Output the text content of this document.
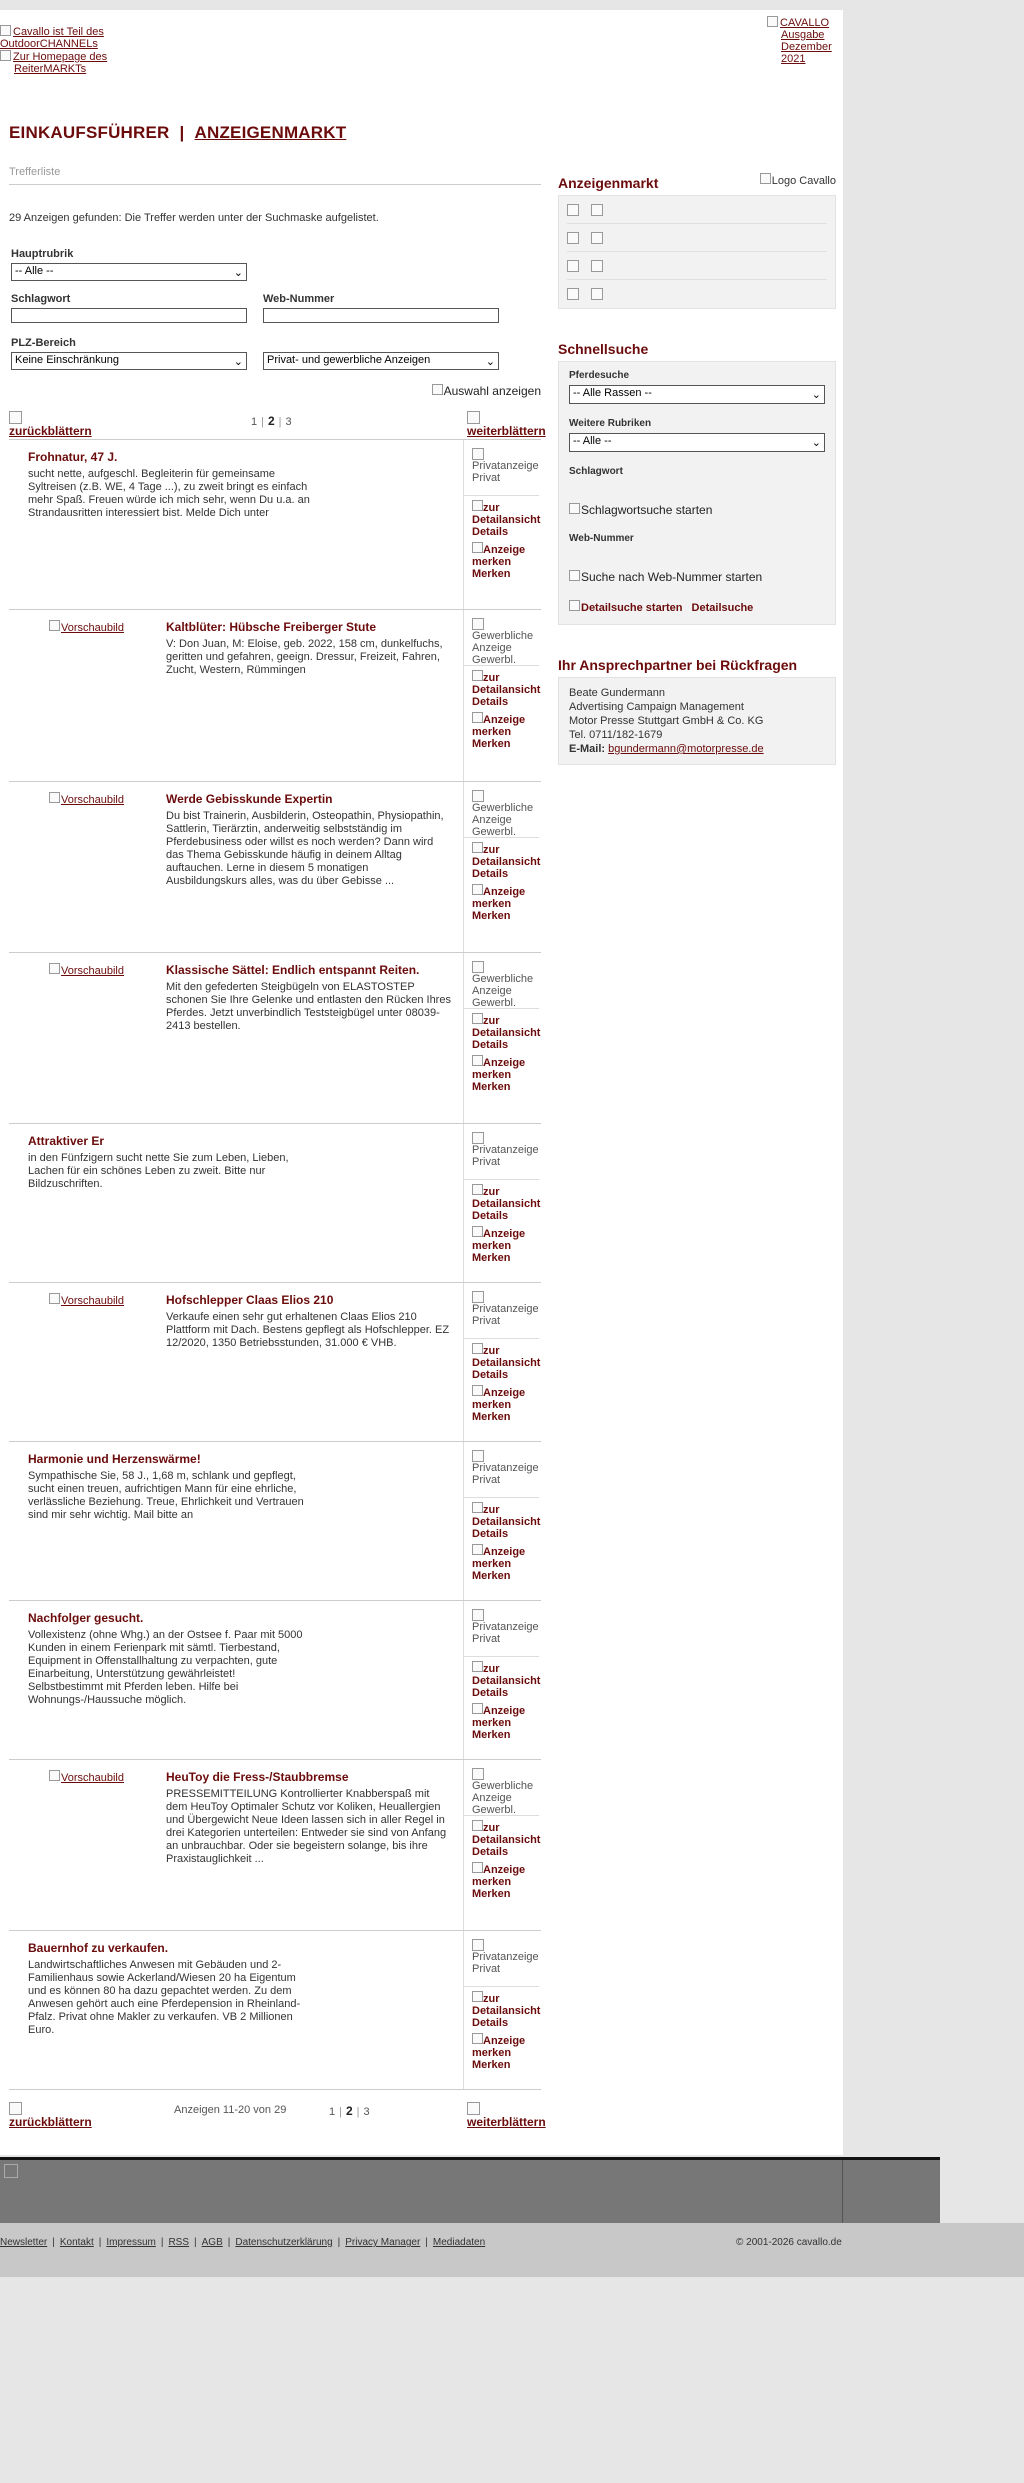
Cavallo ist Teil des OutdoorCHANNELs
Zur Homepage des ReiterMARKTs
CAVALLO Ausgabe Dezember 2021
EINKAUFSFÜHRER | ANZEIGENMARKT
Trefferliste
29 Anzeigen gefunden: Die Treffer werden unter der Suchmaske aufgelistet.
Hauptrubrik
-- Alle --	⌄
Schlagwort	Web-Nummer
PLZ-Bereich
Keine Einschränkung	⌄	Privat- und gewerbliche Anzeigen	⌄
Auswahl anzeigen
zurückblättern
1 | 2 | 3
weiterblättern
Frohnatur, 47 J.
sucht nette, aufgeschl. Begleiterin für gemeinsame Syltreisen (z.B. WE, 4 Tage ...), zu zweit bringt es einfach mehr Spaß. Freuen würde ich mich sehr, wenn Du u.a. an Strandausritten interessiert bist. Melde Dich unter
Privatanzeige Privat
zur Detailansicht
Details
Anzeige merken
Merken
Vorschaubild	Kaltblüter: Hübsche Freiberger Stute
V: Don Juan, M: Eloise, geb. 2022, 158 cm, dunkelfuchs, geritten und gefahren, geeign. Dressur, Freizeit, Fahren, Zucht, Western, Rümmingen
Gewerbliche Anzeige Gewerbl.
zur Detailansicht
Details
Anzeige merken
Merken
Vorschaubild	Werde Gebisskunde Expertin
Du bist Trainerin, Ausbilderin, Osteopathin, Physiopathin, Sattlerin, Tierärztin, anderweitig selbstständig im Pferdebusiness oder willst es noch werden? Dann wird das Thema Gebisskunde häufig in deinem Alltag auftauchen. Lerne in diesem 5 monatigen Ausbildungskurs alles, was du über Gebisse ...
Gewerbliche Anzeige Gewerbl.
zur Detailansicht
Details
Anzeige merken
Merken
Vorschaubild	Klassische Sättel: Endlich entspannt Reiten.
Mit den gefederten Steigbügeln von ELASTOSTEP schonen Sie Ihre Gelenke und entlasten den Rücken Ihres Pferdes. Jetzt unverbindlich Teststeigbügel unter 08039-2413 bestellen.
Gewerbliche Anzeige Gewerbl.
zur Detailansicht
Details
Anzeige merken
Merken
Attraktiver Er
in den Fünfzigern sucht nette Sie zum Leben, Lieben, Lachen für ein schönes Leben zu zweit. Bitte nur Bildzuschriften.
Privatanzeige Privat
zur Detailansicht
Details
Anzeige merken
Merken
Vorschaubild	Hofschlepper Claas Elios 210
Verkaufe einen sehr gut erhaltenen Claas Elios 210 Plattform mit Dach. Bestens gepflegt als Hofschlepper. EZ 12/2020, 1350 Betriebsstunden, 31.000 € VHB.
Privatanzeige Privat
zur Detailansicht
Details
Anzeige merken
Merken
Harmonie und Herzenswärme!
Sympathische Sie, 58 J., 1,68 m, schlank und gepflegt, sucht einen treuen, aufrichtigen Mann für eine ehrliche, verlässliche Beziehung. Treue, Ehrlichkeit und Vertrauen sind mir sehr wichtig. Mail bitte an
Privatanzeige Privat
zur Detailansicht
Details
Anzeige merken
Merken
Nachfolger gesucht.
Vollexistenz (ohne Whg.) an der Ostsee f. Paar mit 5000 Kunden in einem Ferienpark mit sämtl. Tierbestand, Equipment in Offenstallhaltung zu verpachten, gute Einarbeitung, Unterstützung gewährleistet! Selbstbestimmt mit Pferden leben. Hilfe bei Wohnungs-/Haussuche möglich.
Privatanzeige Privat
zur Detailansicht
Details
Anzeige merken
Merken
Vorschaubild	HeuToy die Fress-/Staubbremse
PRESSEMITTEILUNG Kontrollierter Knabberspaß mit dem HeuToy Optimaler Schutz vor Koliken, Heuallergien und Übergewicht Neue Ideen lassen sich in aller Regel in drei Kategorien unterteilen: Entweder sie sind von Anfang an unbrauchbar. Oder sie begeistern solange, bis ihre Praxistauglichkeit ...
Gewerbliche Anzeige Gewerbl.
zur Detailansicht
Details
Anzeige merken
Merken
Bauernhof zu verkaufen.
Landwirtschaftliches Anwesen mit Gebäuden und 2-Familienhaus sowie Ackerland/Wiesen 20 ha Eigentum und es können 80 ha dazu gepachtet werden. Zu dem Anwesen gehört auch eine Pferdepension in Rheinland-Pfalz. Privat ohne Makler zu verkaufen. VB 2 Millionen Euro.
Privatanzeige Privat
zur Detailansicht
Details
Anzeige merken
Merken
zurückblättern
Anzeigen 11-20 von 29	1 | 2 | 3
weiterblättern
Anzeigenmarkt	Logo Cavallo
Schnellsuche
Pferdesuche
-- Alle Rassen --	⌄
Weitere Rubriken
-- Alle --	⌄
Schlagwort
Schlagwortsuche starten
Web-Nummer
Suche nach Web-Nummer starten
Detailsuche starten Detailsuche
Ihr Ansprechpartner bei Rückfragen
Beate Gundermann
Advertising Campaign Management
Motor Presse Stuttgart GmbH & Co. KG
Tel. 0711/182-1679
E-Mail: bgundermann@motorpresse.de
Newsletter | Kontakt | Impressum | RSS | AGB | Datenschutzerklärung | Privacy Manager | Mediadaten	© 2001-2026 cavallo.de
